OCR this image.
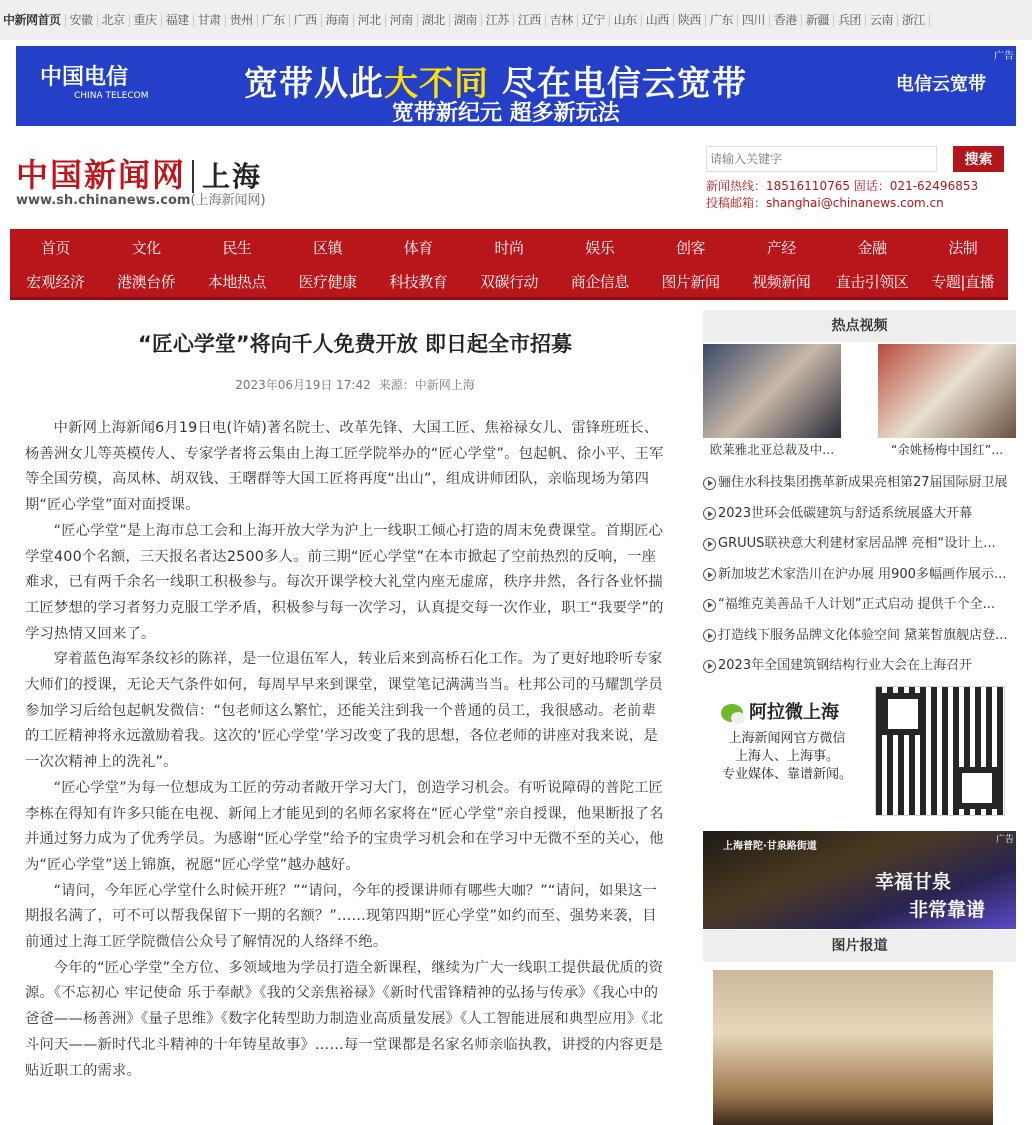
中新网首页 安徽 北京 重庆 福建 甘肃 贵州 广东 广西 海南 河北 河南 湖北 湖南 江苏 江西 吉林 辽宁 山东 山西 陕西 广东 四川 香港 新疆 兵团 云南 浙江
中国电信
CHINA TELECOM	宽带从此大不同 尽在电信云宽带
宽带新纪元 超多新玩法
电信云宽带
广告
中国新闻网 上海
www.sh.chinanews.com(上海新闻网)
请输入关键字
搜索
新闻热线：18516110765 固话：021-62496853
投稿邮箱：shanghai@chinanews.com.cn
首页	文化	民生	区镇	体育	时尚	娱乐	创客	产经	金融	法制
宏观经济	港澳台侨	本地热点	医疗健康	科技教育	双碳行动	商企信息	图片新闻	视频新闻	直击引领区	专题|直播
“匠心学堂”将向千人免费开放 即日起全市招募
2023年06月19日 17:42 来源：中新网上海

中新网上海新闻6月19日电(许婧)著名院士、改革先锋、大国工匠、焦裕禄女儿、雷锋班班长、杨善洲女儿等英模传人、专家学者将云集由上海工匠学院举办的“匠心学堂”。包起帆、徐小平、王军等全国劳模，高凤林、胡双钱、王曙群等大国工匠将再度“出山”，组成讲师团队，亲临现场为第四期“匠心学堂”面对面授课。

“匠心学堂”是上海市总工会和上海开放大学为沪上一线职工倾心打造的周末免费课堂。首期匠心学堂400个名额，三天报名者达2500多人。前三期“匠心学堂”在本市掀起了空前热烈的反响，一座难求，已有两千余名一线职工积极参与。每次开课学校大礼堂内座无虚席，秩序井然，各行各业怀揣工匠梦想的学习者努力克服工学矛盾，积极参与每一次学习，认真提交每一次作业，职工“我要学”的学习热情又回来了。

穿着蓝色海军条纹衫的陈祥，是一位退伍军人，转业后来到高桥石化工作。为了更好地聆听专家大师们的授课，无论天气条件如何，每周早早来到课堂，课堂笔记满满当当。杜邦公司的马耀凯学员参加学习后给包起帆发微信：“包老师这么繁忙，还能关注到我一个普通的员工，我很感动。老前辈的工匠精神将永远激励着我。这次的‘匠心学堂’学习改变了我的思想，各位老师的讲座对我来说，是一次次精神上的洗礼”。

“匠心学堂”为每一位想成为工匠的劳动者敞开学习大门，创造学习机会。有听说障碍的普陀工匠李栋在得知有许多只能在电视、新闻上才能见到的名师名家将在“匠心学堂”亲自授课，他果断报了名并通过努力成为了优秀学员。为感谢“匠心学堂”给予的宝贵学习机会和在学习中无微不至的关心，他为“匠心学堂”送上锦旗，祝愿“匠心学堂”越办越好。

“请问，今年匠心学堂什么时候开班？”“请问，今年的授课讲师有哪些大咖？”“请问，如果这一期报名满了，可不可以帮我保留下一期的名额？”……现第四期“匠心学堂”如约而至、强势来袭，目前通过上海工匠学院微信公众号了解情况的人络绎不绝。

今年的“匠心学堂”全方位、多领域地为学员打造全新课程，继续为广大一线职工提供最优质的资源。《不忘初心 牢记使命 乐于奉献》《我的父亲焦裕禄》《新时代雷锋精神的弘扬与传承》《我心中的爸爸——杨善洲》《量子思维》《数字化转型助力制造业高质量发展》《人工智能进展和典型应用》《北斗问天——新时代北斗精神的十年铸星故事》……每一堂课都是名家名师亲临执教，讲授的内容更是贴近职工的需求。

热点视频

欧莱雅北亚总裁及中...	“余姚杨梅中国红”...

骊住水科技集团携革新成果亮相第27届国际厨卫展
2023世环会低碳建筑与舒适系统展盛大开幕
GRUUS联袂意大利建材家居品牌 亮相“设计上...
新加坡艺术家浩川在沪办展 用900多幅画作展示...
“福维克美善品千人计划”正式启动 提供千个全...
打造线下服务品牌文化体验空间 黛莱皙旗舰店登...
2023年全国建筑钢结构行业大会在上海召开
阿拉微上海
上海新闻网官方微信
上海人、上海事。
专业媒体、靠谱新闻。
上海普陀·甘泉路街道
幸福甘泉
非常靠谱
广告
图片报道
